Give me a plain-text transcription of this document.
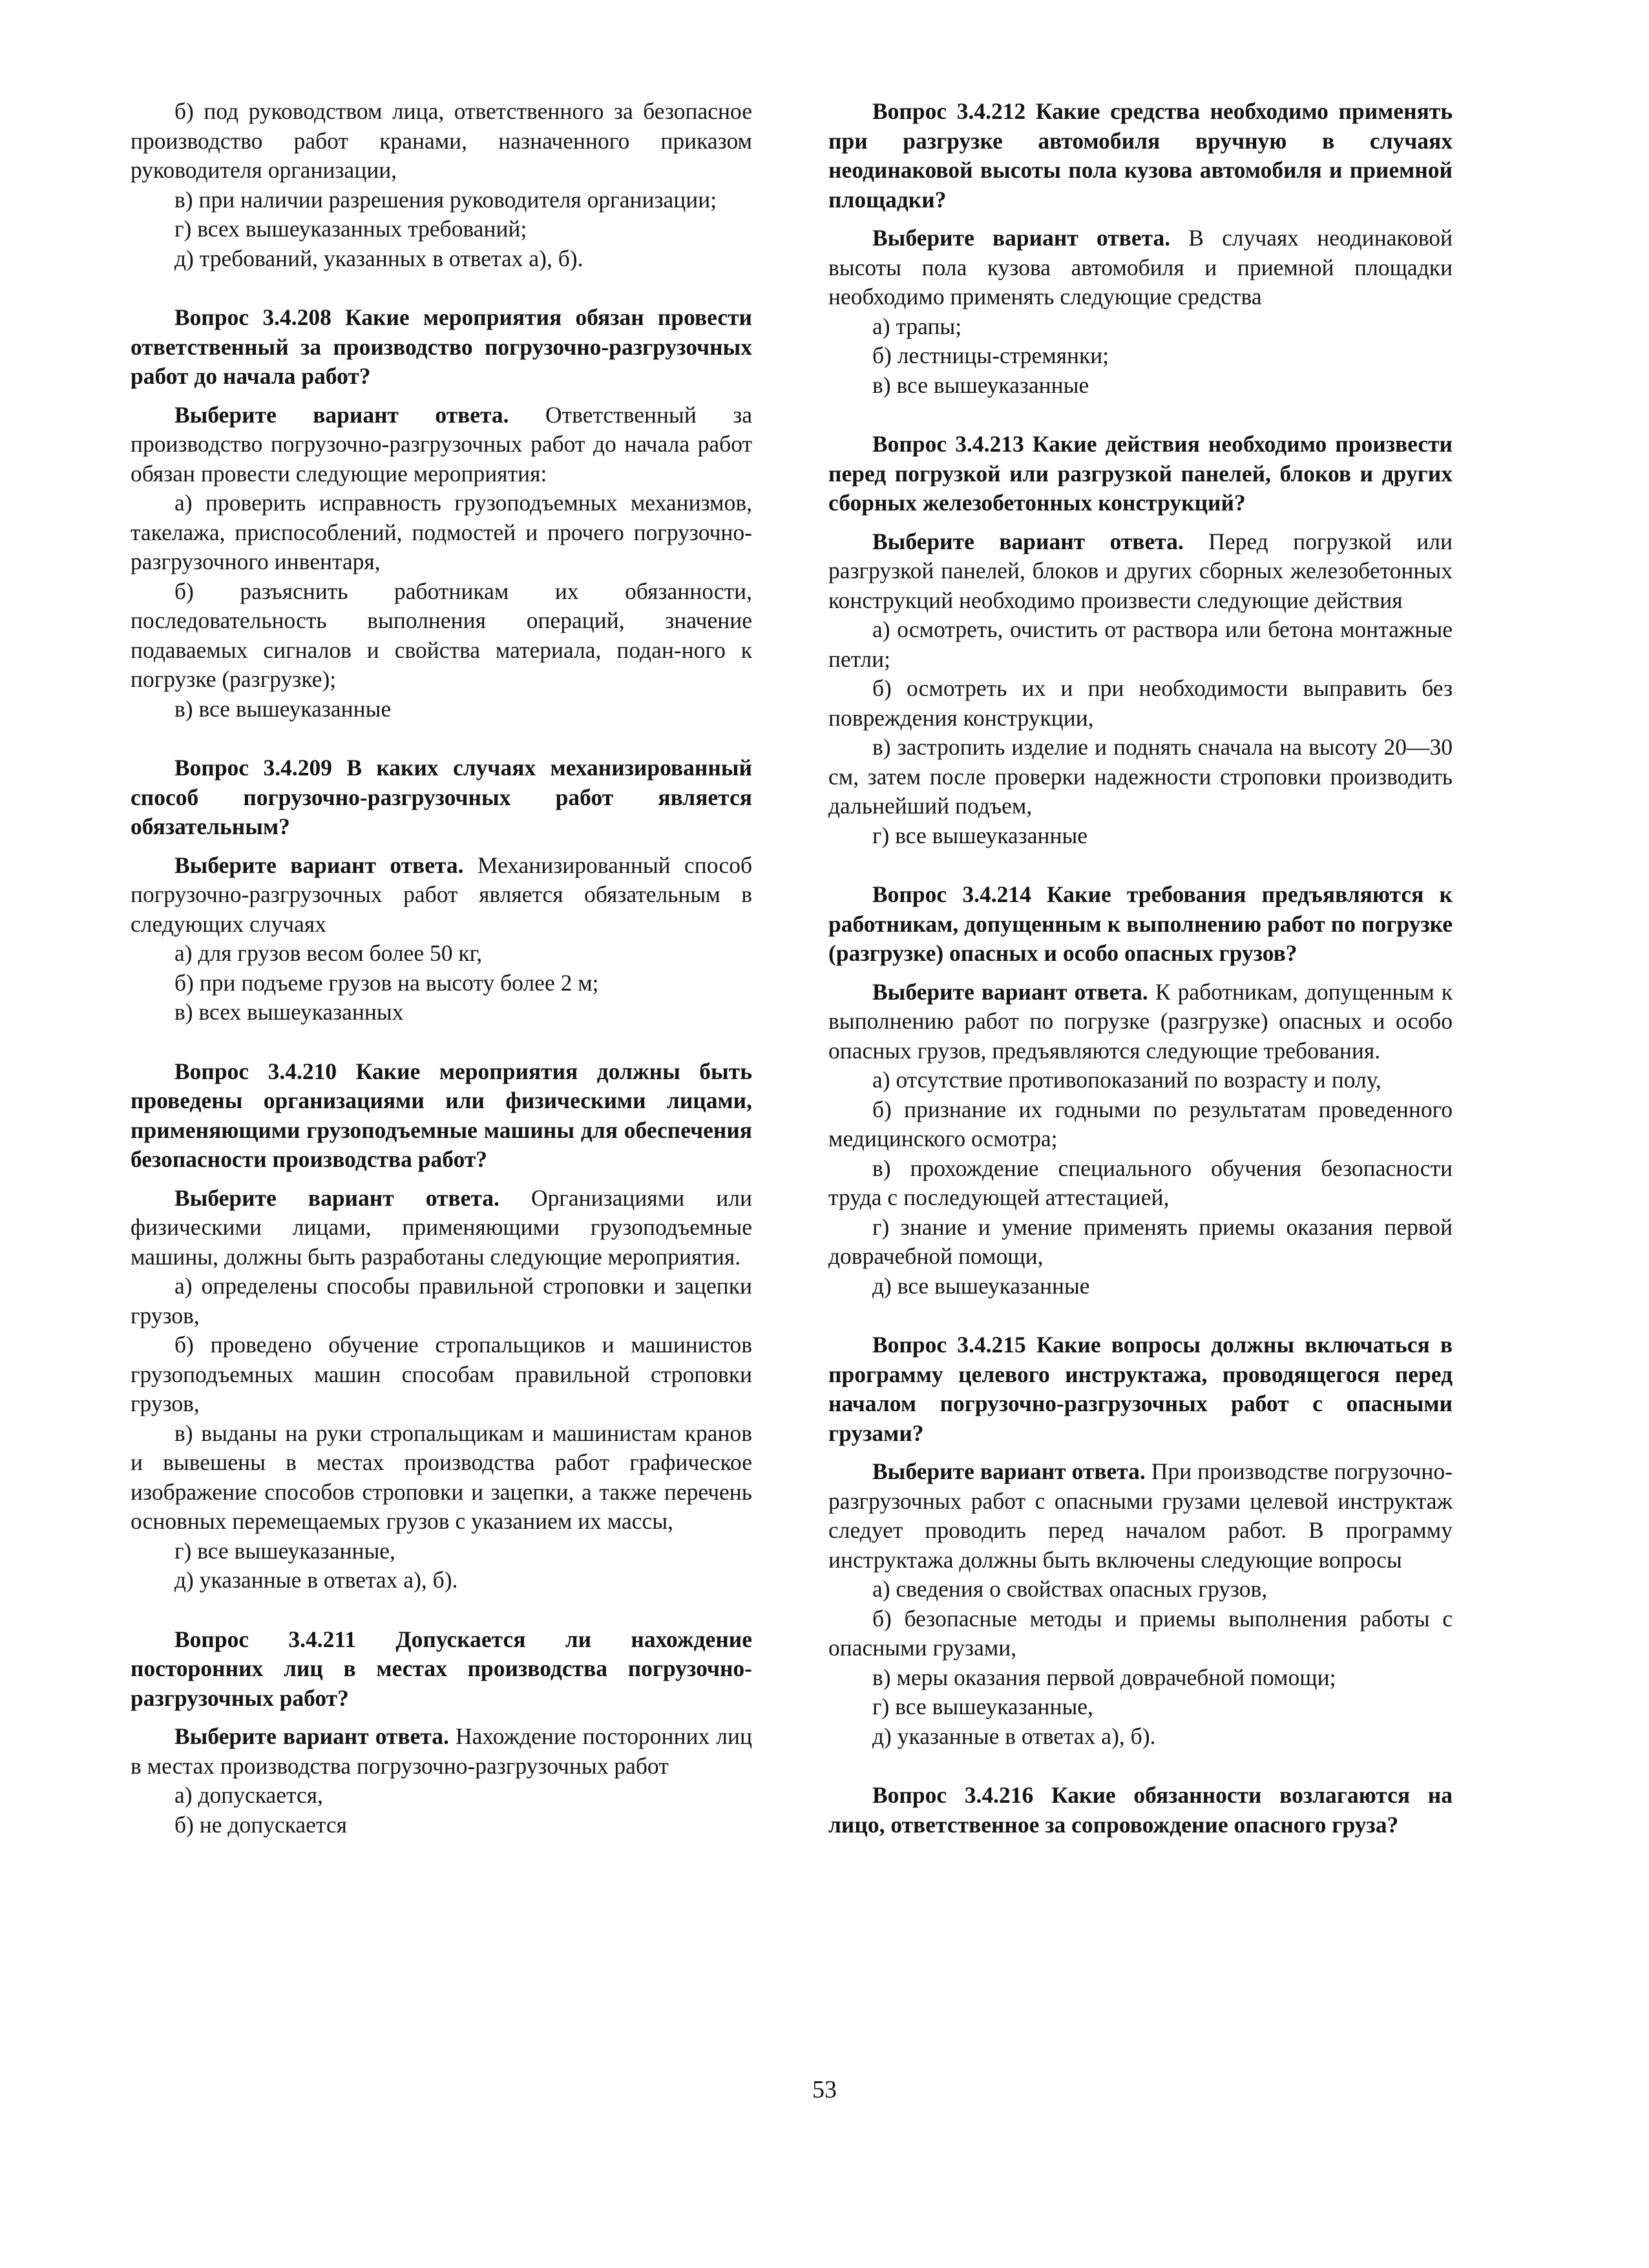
б) под руководством лица, ответственного за безопасное производство работ кранами, назначенного приказом руководителя организации,

в) при наличии разрешения руководителя организации;

г) всех вышеуказанных требований;

д) требований, указанных в ответах а), б).

Вопрос 3.4.208 Какие мероприятия обязан провести ответственный за производство погрузочно-разгрузочных работ до начала работ?

Выберите вариант ответа. Ответственный за производство погрузочно-разгрузочных работ до начала работ обязан провести следующие мероприятия:

а) проверить исправность грузоподъемных механизмов, такелажа, приспособлений, подмостей и прочего погрузочно-разгрузочного инвентаря,

б) разъяснить работникам их обязанности, последовательность выполнения операций, значение подаваемых сигналов и свойства материала, подан-ного к погрузке (разгрузке);

в) все вышеуказанные

Вопрос 3.4.209 В каких случаях механизированный способ погрузочно-разгрузочных работ является обязательным?

Выберите вариант ответа. Механизированный способ погрузочно-разгрузочных работ является обязательным в следующих случаях

а) для грузов весом более 50 кг,

б) при подъеме грузов на высоту более 2 м;

в) всех вышеуказанных

Вопрос 3.4.210 Какие мероприятия должны быть проведены организациями или физическими лицами, применяющими грузоподъемные машины для обеспечения безопасности производства работ?

Выберите вариант ответа. Организациями или физическими лицами, применяющими грузоподъемные машины, должны быть разработаны следующие мероприятия.

а) определены способы правильной строповки и зацепки грузов,

б) проведено обучение стропальщиков и машинистов грузоподъемных машин способам правильной строповки грузов,

в) выданы на руки стропальщикам и машинистам кранов и вывешены в местах производства работ графическое изображение способов строповки и зацепки, а также перечень основных перемещаемых грузов с указанием их массы,

г) все вышеуказанные,

д) указанные в ответах а), б).

Вопрос 3.4.211 Допускается ли нахождение посторонних лиц в местах производства погрузочно-разгрузочных работ?

Выберите вариант ответа. Нахождение посторонних лиц в местах производства погрузочно-разгрузочных работ

а) допускается,

б) не допускается

Вопрос 3.4.212 Какие средства необходимо применять при разгрузке автомобиля вручную в случаях неодинаковой высоты пола кузова автомобиля и приемной площадки?

Выберите вариант ответа. В случаях неодинаковой высоты пола кузова автомобиля и приемной площадки необходимо применять следующие средства

а) трапы;

б) лестницы-стремянки;

в) все вышеуказанные

Вопрос 3.4.213 Какие действия необходимо произвести перед погрузкой или разгрузкой панелей, блоков и других сборных железобетонных конструкций?

Выберите вариант ответа. Перед погрузкой или разгрузкой панелей, блоков и других сборных железобетонных конструкций необходимо произвести следующие действия

а) осмотреть, очистить от раствора или бетона монтажные петли;

б) осмотреть их и при необходимости выправить без повреждения конструкции,

в) застропить изделие и поднять сначала на высоту 20—30 см, затем после проверки надежности строповки производить дальнейший подъем,

г) все вышеуказанные

Вопрос 3.4.214 Какие требования предъявляются к работникам, допущенным к выполнению работ по погрузке (разгрузке) опасных и особо опасных грузов?

Выберите вариант ответа. К работникам, допущенным к выполнению работ по погрузке (разгрузке) опасных и особо опасных грузов, предъявляются следующие требования.

а) отсутствие противопоказаний по возрасту и полу,

б) признание их годными по результатам проведенного медицинского осмотра;

в) прохождение специального обучения безопасности труда с последующей аттестацией,

г) знание и умение применять приемы оказания первой доврачебной помощи,

д) все вышеуказанные

Вопрос 3.4.215 Какие вопросы должны включаться в программу целевого инструктажа, проводящегося перед началом погрузочно-разгрузочных работ с опасными грузами?

Выберите вариант ответа. При производстве погрузочно-разгрузочных работ с опасными грузами целевой инструктаж следует проводить перед началом работ. В программу инструктажа должны быть включены следующие вопросы

а) сведения о свойствах опасных грузов,

б) безопасные методы и приемы выполнения работы с опасными грузами,

в) меры оказания первой доврачебной помощи;

г) все вышеуказанные,

д) указанные в ответах а), б).

Вопрос 3.4.216 Какие обязанности возлагаются на лицо, ответственное за сопровождение опасного груза?

53
